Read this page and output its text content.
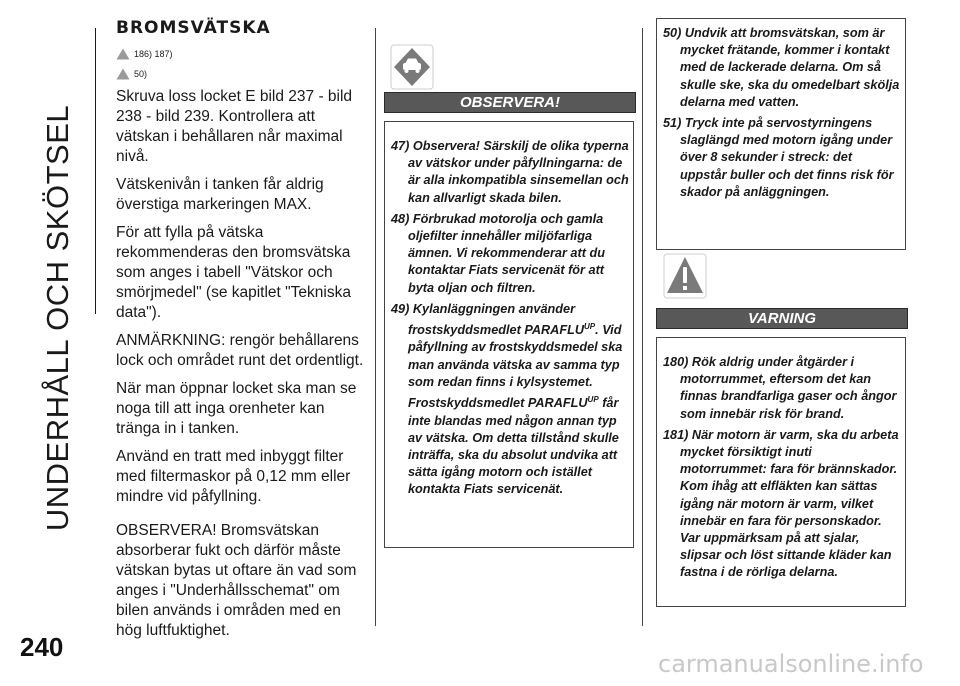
UNDERHÅLL OCH SKÖTSEL
240
BROMSVÄTSKA
186) 187)
50)

Skruva loss locket E bild 237 - bild 238 - bild 239. Kontrollera att vätskan i behållaren når maximal nivå.

Vätskenivån i tanken får aldrig överstiga markeringen MAX.

För att fylla på vätska rekommenderas den bromsvätska som anges i tabell "Vätskor och smörjmedel" (se kapitlet "Tekniska data").

ANMÄRKNING: rengör behållarens lock och området runt det ordentligt.

När man öppnar locket ska man se noga till att inga orenheter kan tränga in i tanken.

Använd en tratt med inbyggt filter med filtermaskor på 0,12 mm eller mindre vid påfyllning.

OBSERVERA! Bromsvätskan absorberar fukt och därför måste vätskan bytas ut oftare än vad som anges i "Underhållsschemat" om bilen används i områden med en hög luftfuktighet.

OBSERVERA!
47) Observera! Särskilj de olika typerna av vätskor under påfyllningarna: de är alla inkompatibla sinsemellan och kan allvarligt skada bilen.
48) Förbrukad motorolja och gamla oljefilter innehåller miljöfarliga ämnen. Vi rekommenderar att du kontaktar Fiats servicenät för att byta oljan och filtren.
49) Kylanläggningen använder frostskyddsmedlet $PARAFLU^{UP}$. Vid påfyllning av frostskyddsmedel ska man använda vätska av samma typ som redan finns i kylsystemet. Frostskyddsmedlet $PARAFLU^{UP}$ får inte blandas med någon annan typ av vätska. Om detta tillstånd skulle inträffa, ska du absolut undvika att sätta igång motorn och istället kontakta Fiats servicenät.
50) Undvik att bromsvätskan, som är mycket frätande, kommer i kontakt med de lackerade delarna. Om så skulle ske, ska du omedelbart skölja delarna med vatten.
51) Tryck inte på servostyrningens slaglängd med motorn igång under över 8 sekunder i streck: det uppstår buller och det finns risk för skador på anläggningen.
VARNING
180) Rök aldrig under åtgärder i motorrummet, eftersom det kan finnas brandfarliga gaser och ångor som innebär risk för brand.
181) När motorn är varm, ska du arbeta mycket försiktigt inuti motorrummet: fara för brännskador. Kom ihåg att elfläkten kan sättas igång när motorn är varm, vilket innebär en fara för personskador. Var uppmärksam på att sjalar, slipsar och löst sittande kläder kan fastna i de rörliga delarna.
carmanualsonline.info
